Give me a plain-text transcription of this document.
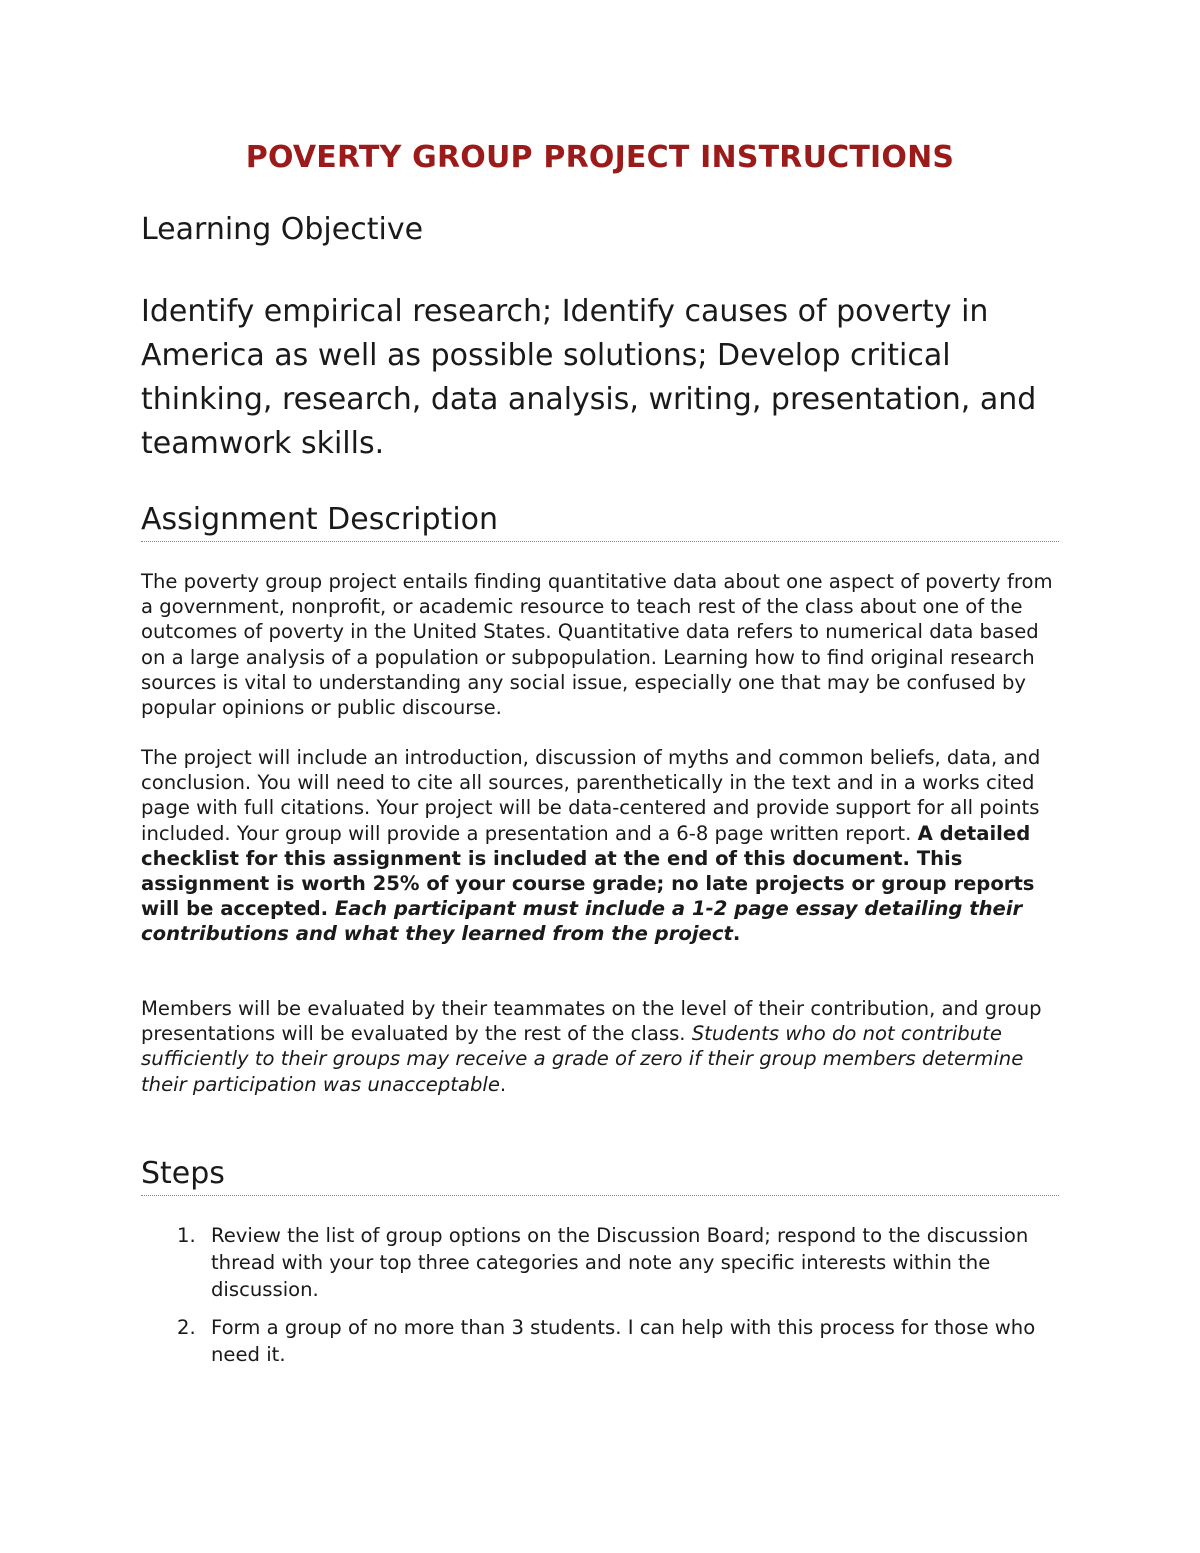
POVERTY GROUP PROJECT INSTRUCTIONS
Learning Objective

Identify empirical research; Identify causes of poverty in America as well as possible solutions; Develop critical thinking, research, data analysis, writing, presentation, and teamwork skills.

Assignment Description

The poverty group project entails finding quantitative data about one aspect of poverty from a government, nonprofit, or academic resource to teach rest of the class about one of the outcomes of poverty in the United States. Quantitative data refers to numerical data based on a large analysis of a population or subpopulation. Learning how to find original research sources is vital to understanding any social issue, especially one that may be confused by popular opinions or public discourse.

The project will include an introduction, discussion of myths and common beliefs, data, and conclusion. You will need to cite all sources, parenthetically in the text and in a works cited page with full citations. Your project will be data-centered and provide support for all points included. Your group will provide a presentation and a 6-8 page written report. A detailed checklist for this assignment is included at the end of this document. This assignment is worth 25% of your course grade; no late projects or group reports will be accepted. Each participant must include a 1-2 page essay detailing their contributions and what they learned from the project.

Members will be evaluated by their teammates on the level of their contribution, and group presentations will be evaluated by the rest of the class. Students who do not contribute sufficiently to their groups may receive a grade of zero if their group members determine their participation was unacceptable.

Steps
1. Review the list of group options on the Discussion Board; respond to the discussion thread with your top three categories and note any specific interests within the discussion.
2. Form a group of no more than 3 students. I can help with this process for those who need it.
